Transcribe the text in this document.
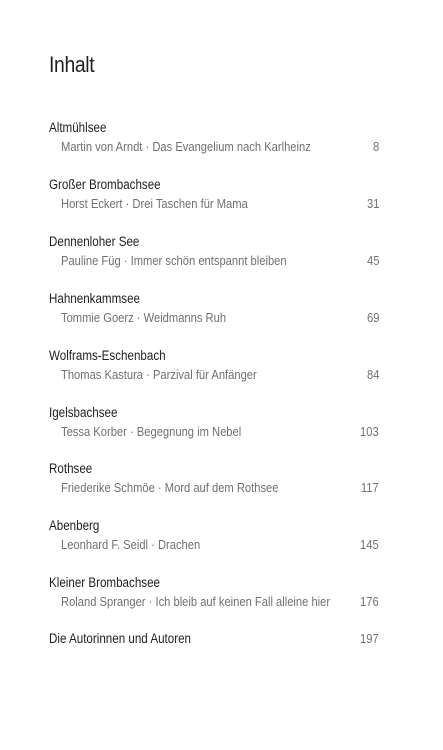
Inhalt
Altmühlsee
Martin von Arndt · Das Evangelium nach Karlheinz	8
Großer Brombachsee
Horst Eckert · Drei Taschen für Mama	31
Dennenloher See
Pauline Füg · Immer schön entspannt bleiben	45
Hahnenkammsee
Tommie Goerz · Weidmanns Ruh	69
Wolframs-Eschenbach
Thomas Kastura · Parzival für Anfänger	84
Igelsbachsee
Tessa Korber · Begegnung im Nebel	103
Rothsee
Friederike Schmöe · Mord auf dem Rothsee	117
Abenberg
Leonhard F. Seidl · Drachen	145
Kleiner Brombachsee
Roland Spranger · Ich bleib auf keinen Fall alleine hier 176
Die Autorinnen und Autoren	197
